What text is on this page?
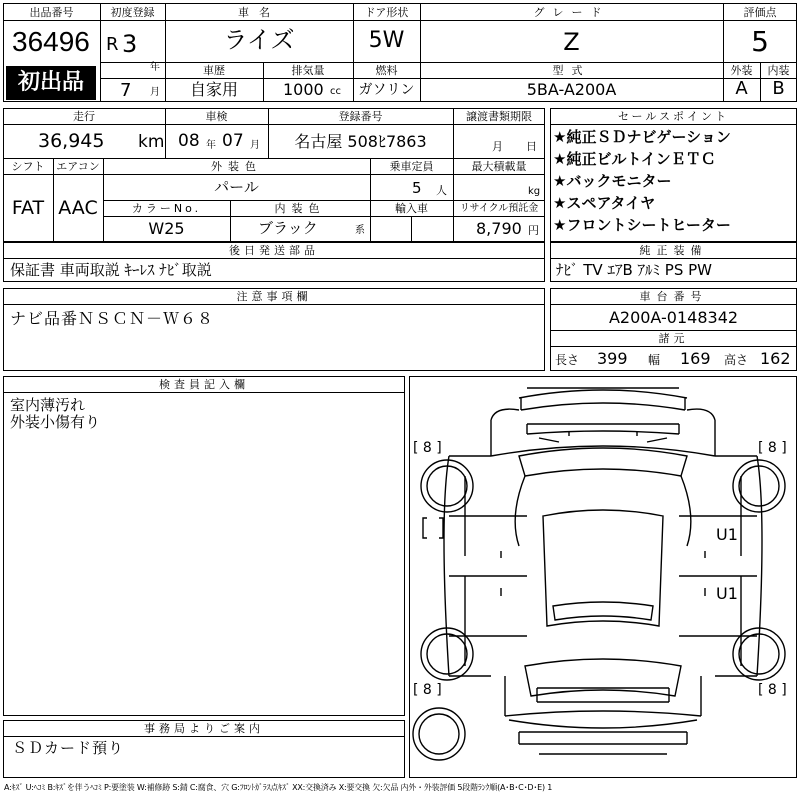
出品番号
36496
初出品
初度登録
R 3
年
7 月
車名
ライズ
ドア形状
5W
グレード
Z
評価点
5
車歴
自家用
排気量
1000 cc
燃料
ガソリン
型式
5BA-A200A
外装	内装
A	B
走行
36,945 km
車検
08 年 07 月
登録番号
名古屋 508ﾋ7863
譲渡書類期限
月 日
シフト
FAT
エアコン
AAC
外装色
パール
乗車定員
5 人
最大積載量
kg
カラーNo.
W25
内装色
ブラック	系
輸入車	リサイクル預託金
8,790 円
セールスポイント
★純正ＳＤナビゲーション
★純正ビルトインＥＴＣ
★バックモニター
★スペアタイヤ
★フロントシートヒーター
後日発送部品
保証書 車両取説 ｷｰﾚｽ ﾅﾋﾞ取説
純正装備
ﾅﾋﾞ TV ｴｱB ｱﾙﾐ PS PW
注意事項欄
ナビ品番ＮＳＣＮ－Ｗ６８
車台番号
A200A-0148342
諸元
長さ 399 幅 169 高さ 162
検査員記入欄
室内薄汚れ
外装小傷有り
事務局よりご案内
ＳＤカード預り
[ 8 ]	[ 8 ]
[ 8 ]	[ 8 ]
U1
U1
A:ｷｽﾞ U:ﾍｺﾐ B:ｷｽﾞを伴うﾍｺﾐ P:要塗装 W:補修跡 S:錆 C:腐食、穴 G:ﾌﾛﾝﾄｶﾞﾗｽ点ｷｽﾞ XX:交換済み X:要交換 欠:欠品 内外・外装評価 5段階ﾗﾝｸ順(A･B･C･D･E) 1
